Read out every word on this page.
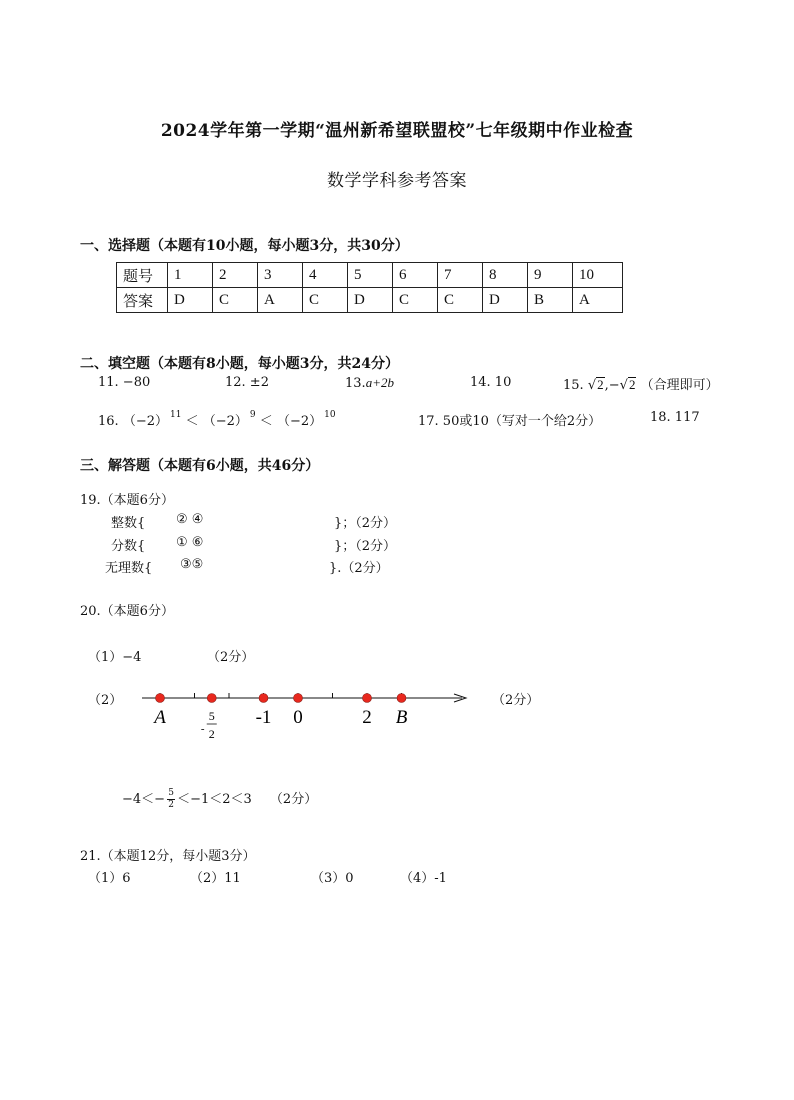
2024学年第一学期“温州新希望联盟校”七年级期中作业检查
数学学科参考答案
一、选择题（本题有10小题，每小题3分，共30分）
题号	1	2	3	4	5	6	7	8	9	10
答案	D	C	A	C	D	C	C	D	B	A
二、填空题（本题有8小题，每小题3分，共24分）
11. −80	12. ±2	13.a+2b	14. 10	15. √2,−√2 （合理即可）
16. （−2） $^{11}$ ＜ （−2） $^9$ ＜ （−2） $^{10}$	17. 50或10（写对一个给2分）	18. 117
三、解答题（本题有6小题，共46分）
19.（本题6分）
整数{ ② ④	}；（2分）
分数{ ① ⑥	}；（2分）
无理数{ ③⑤	}.（2分）
20.（本题6分）
（1）−4	（2分）
（2）	（2分）
A	-1 0	2 B
-
5
2
$-4<- \frac{5}{2} <-1<2<3$ （2分）
21.（本题12分，每小题3分）
（1）6	（2）11	（3）0	（4）-1
